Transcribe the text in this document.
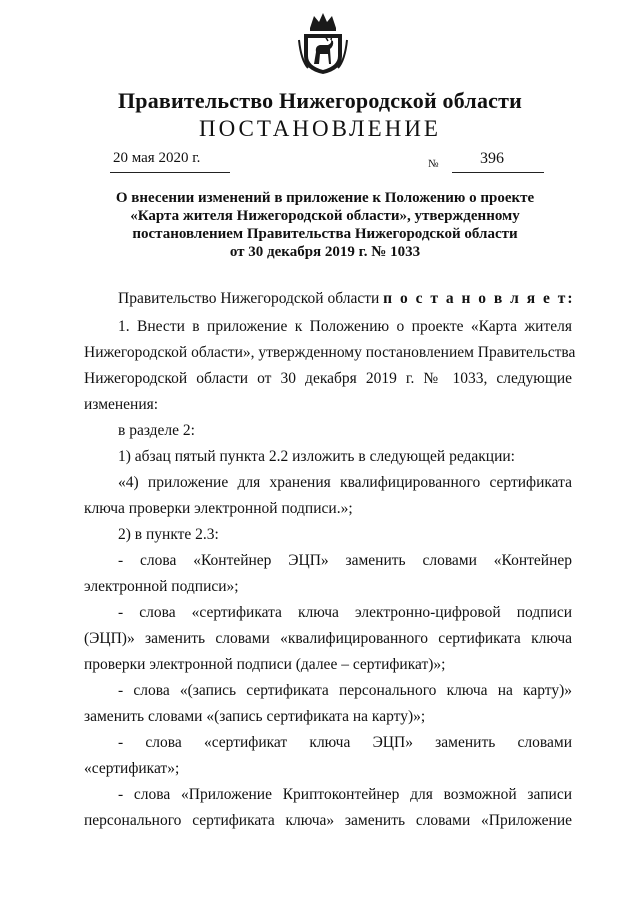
Правительство Нижегородской области
ПОСТАНОВЛЕНИЕ
20 мая 2020 г.	№	396
О внесении изменений в приложение к Положению о проекте
«Карта жителя Нижегородской области», утвержденному
постановлением Правительства Нижегородской области
от 30 декабря 2019 г. № 1033
Правительство Нижегородской области п о с т а н о в л я е т:
1. Внести в приложение к Положению о проекте «Карта жителя
Нижегородской области», утвержденному постановлением Правительства
Нижегородской области от 30 декабря 2019 г. № 1033, следующие
изменения:
в разделе 2:
1) абзац пятый пункта 2.2 изложить в следующей редакции:
«4) приложение для хранения квалифицированного сертификата
ключа проверки электронной подписи.»;
2) в пункте 2.3:
- слова «Контейнер ЭЦП» заменить словами «Контейнер
электронной подписи»;
- слова «сертификата ключа электронно-цифровой подписи
(ЭЦП)» заменить словами «квалифицированного сертификата ключа
проверки электронной подписи (далее – сертификат)»;
- слова «(запись сертификата персонального ключа на карту)»
заменить словами «(запись сертификата на карту)»;
- слова «сертификат ключа ЭЦП» заменить словами
«сертификат»;
- слова «Приложение Криптоконтейнер для возможной записи
персонального сертификата ключа» заменить словами «Приложение
